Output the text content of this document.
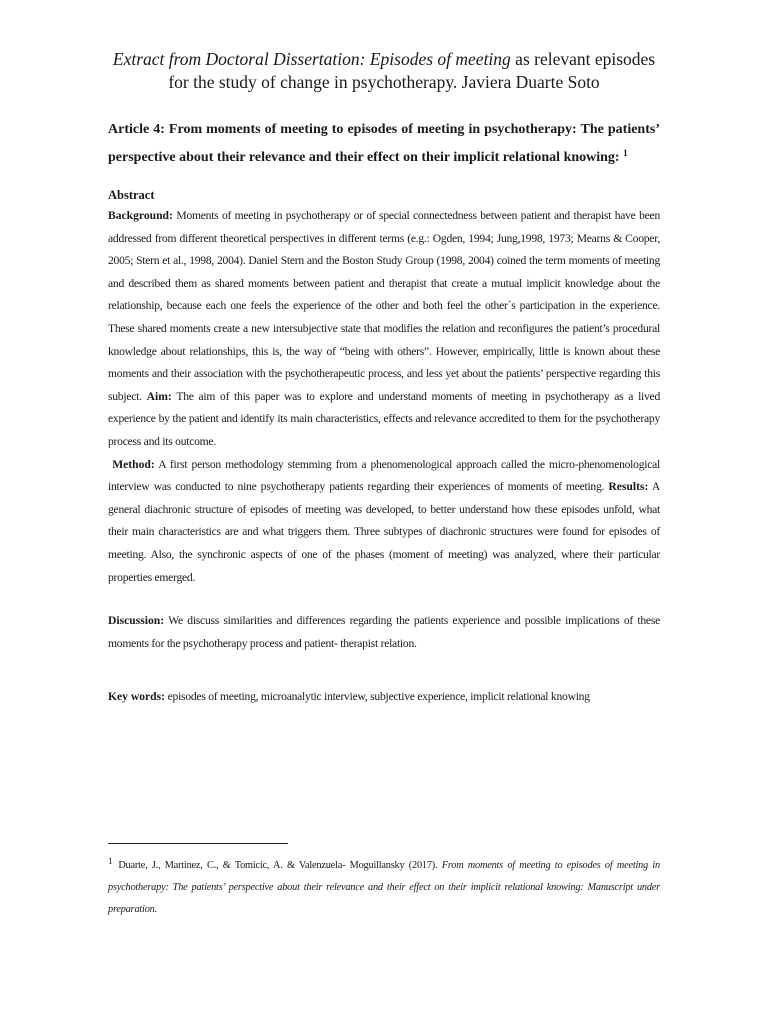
Extract from Doctoral Dissertation: Episodes of meeting as relevant episodes for the study of change in psychotherapy. Javiera Duarte Soto
Article 4: From moments of meeting to episodes of meeting in psychotherapy: The patients’ perspective about their relevance and their effect on their implicit relational knowing: $^1$
Abstract

Background: Moments of meeting in psychotherapy or of special connectedness between patient and therapist have been addressed from different theoretical perspectives in different terms (e.g.: Ogden, 1994; Jung,1998, 1973; Mearns & Cooper, 2005; Stern et al., 1998, 2004). Daniel Stern and the Boston Study Group (1998, 2004) coined the term moments of meeting and described them as shared moments between patient and therapist that create a mutual implicit knowledge about the relationship, because each one feels the experience of the other and both feel the other´s participation in the experience. These shared moments create a new intersubjective state that modifies the relation and reconfigures the patient’s procedural knowledge about relationships, this is, the way of “being with others”. However, empirically, little is known about these moments and their association with the psychotherapeutic process, and less yet about the patients’ perspective regarding this subject. Aim: The aim of this paper was to explore and understand moments of meeting in psychotherapy as a lived experience by the patient and identify its main characteristics, effects and relevance accredited to them for the psychotherapy process and its outcome.

Method: A first person methodology stemming from a phenomenological approach called the micro-phenomenological interview was conducted to nine psychotherapy patients regarding their experiences of moments of meeting. Results: A general diachronic structure of episodes of meeting was developed, to better understand how these episodes unfold, what their main characteristics are and what triggers them. Three subtypes of diachronic structures were found for episodes of meeting. Also, the synchronic aspects of one of the phases (moment of meeting) was analyzed, where their particular properties emerged.

Discussion: We discuss similarities and differences regarding the patients experience and possible implications of these moments for the psychotherapy process and patient- therapist relation.

Key words: episodes of meeting, microanalytic interview, subjective experience, implicit relational knowing

$^1$ Duarte, J., Martinez, C., & Tomicic, A. & Valenzuela- Moguillansky (2017). From moments of meeting to episodes of meeting in psychotherapy: The patients’ perspective about their relevance and their effect on their implicit relational knowing: Manuscript under preparation.
